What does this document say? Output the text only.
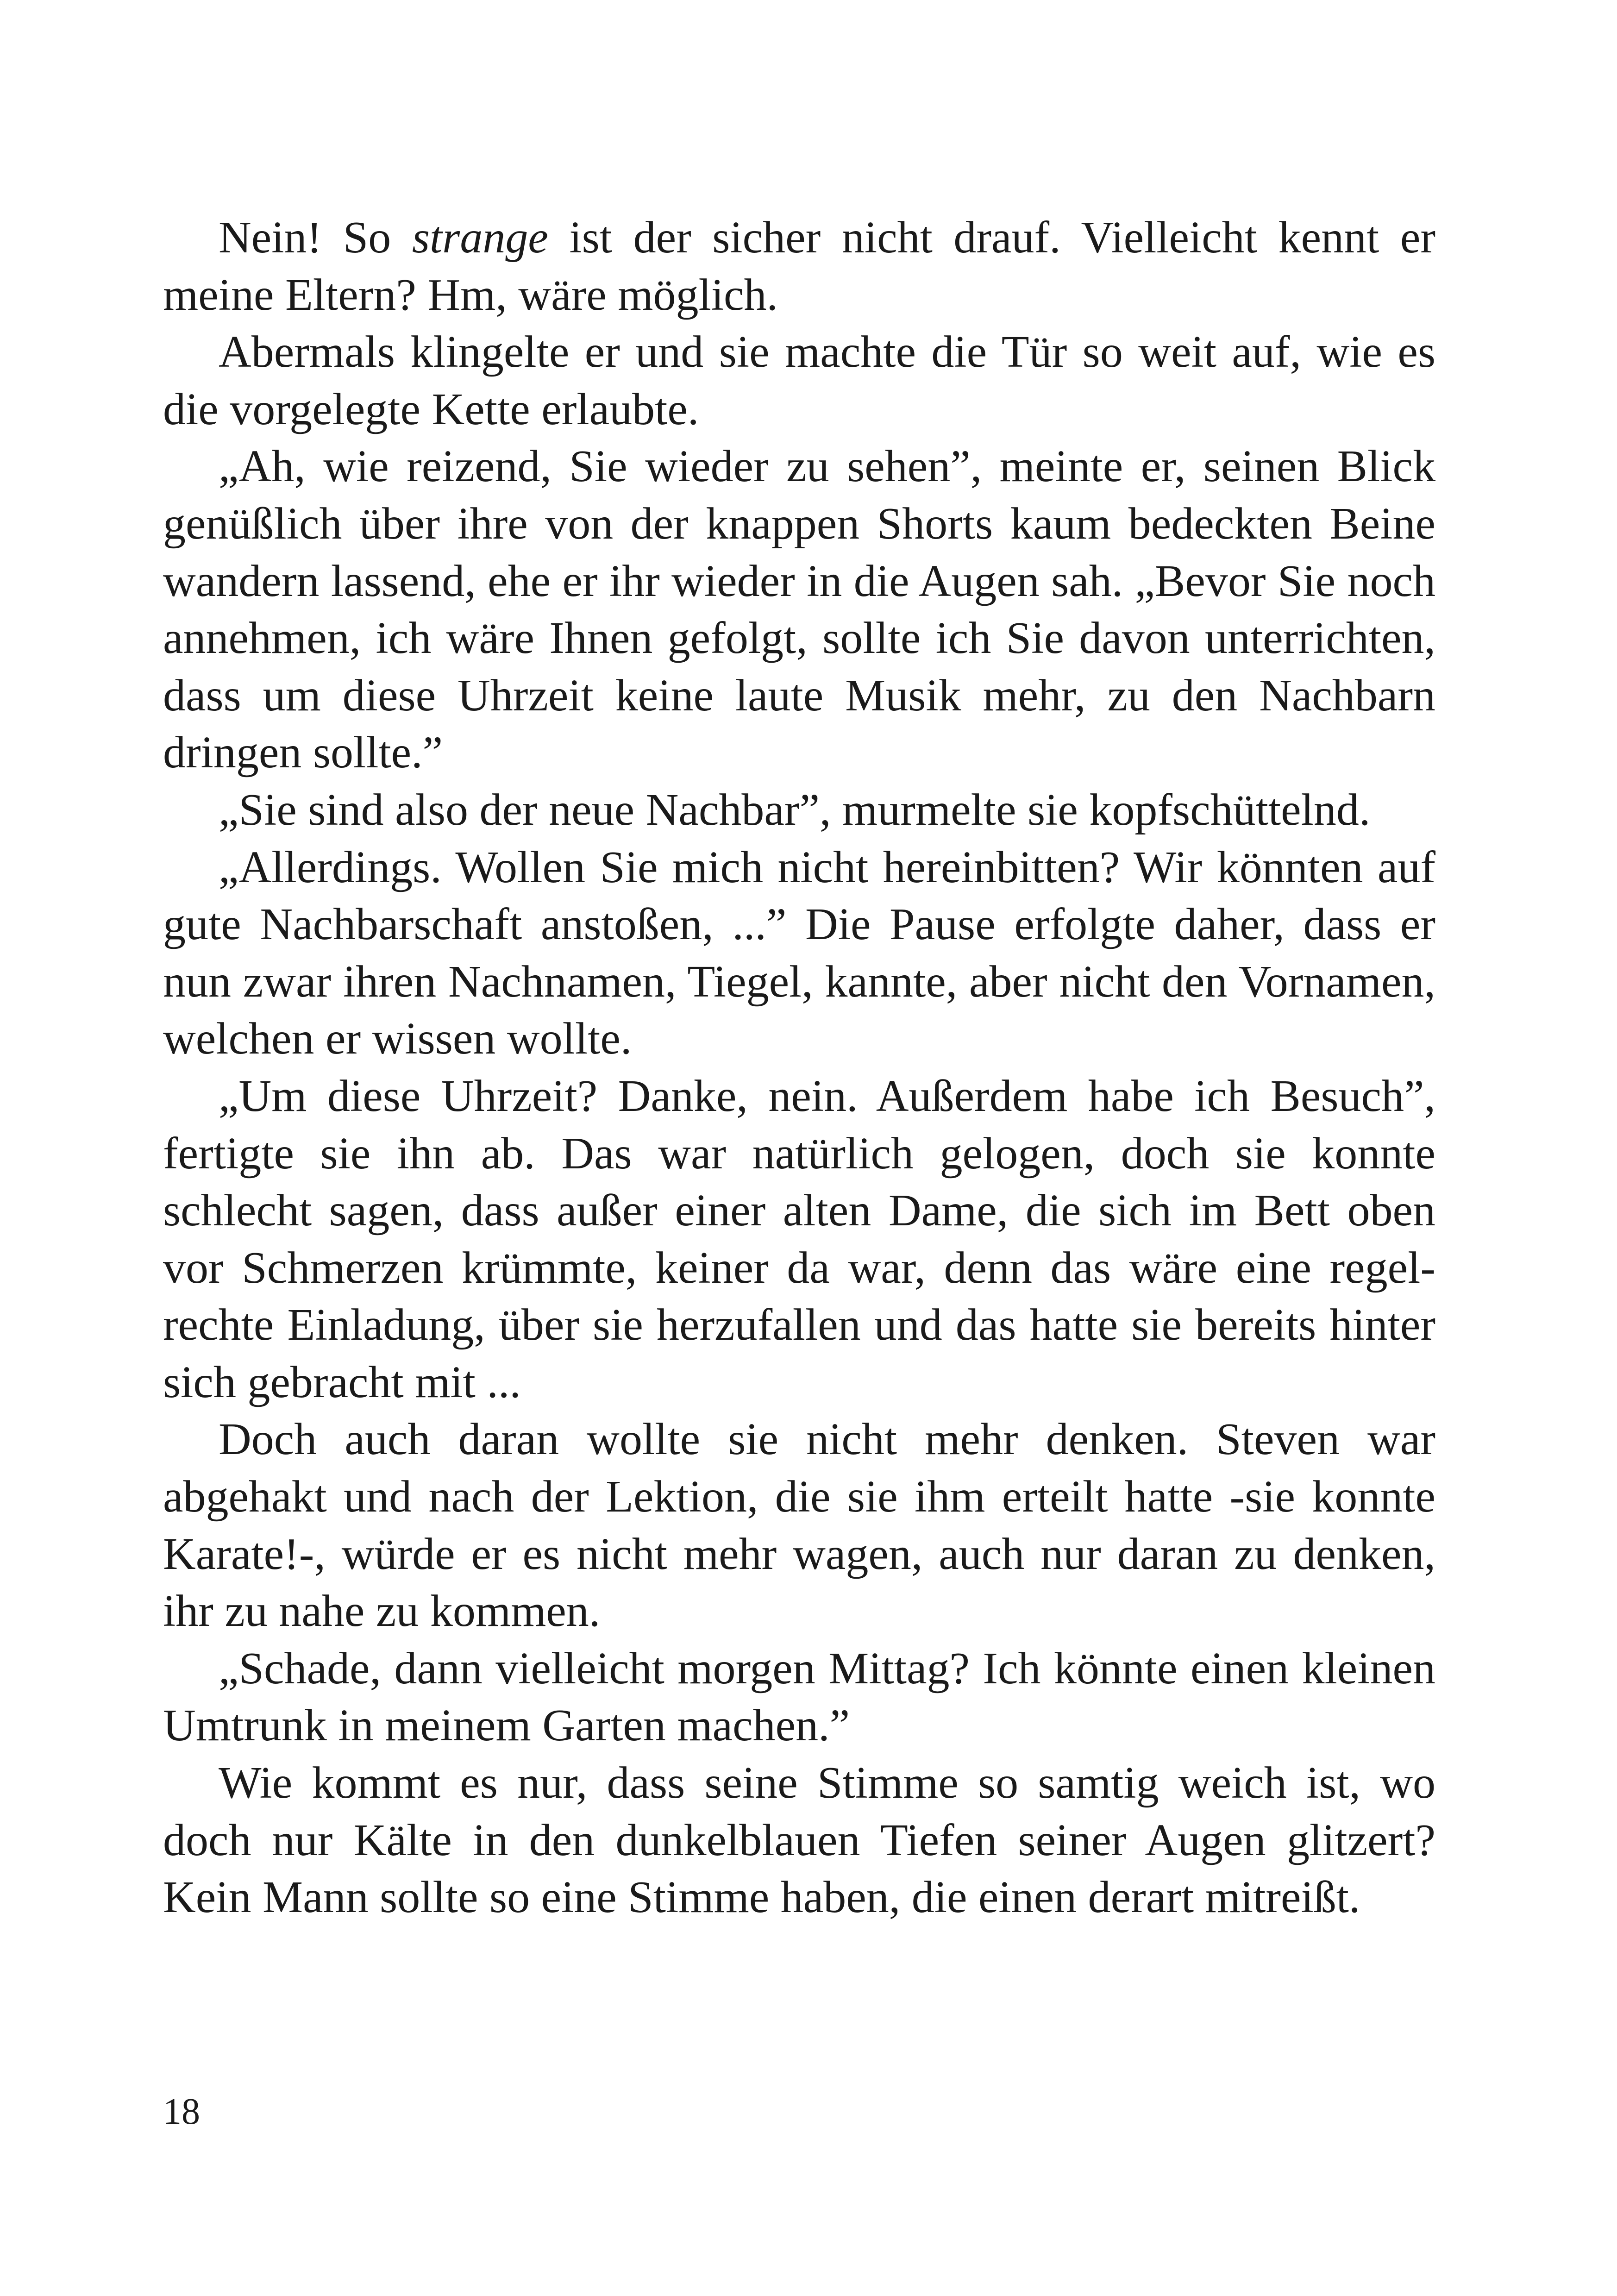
Nein! So strange ist der sicher nicht drauf. Vielleicht kennt er meine Eltern? Hm, wäre möglich.

Abermals klingelte er und sie machte die Tür so weit auf, wie es die vorgelegte Kette erlaubte.

„Ah, wie reizend, Sie wieder zu sehen”, meinte er, seinen Blick genüßlich über ihre von der knappen Shorts kaum bedeckten Beine wandern lassend, ehe er ihr wieder in die Augen sah. „Bevor Sie noch annehmen, ich wäre Ihnen gefolgt, sollte ich Sie davon unterrichten, dass um diese Uhrzeit keine laute Musik mehr, zu den Nachbarn dringen sollte.”

„Sie sind also der neue Nachbar”, murmelte sie kopfschüttelnd.

„Allerdings. Wollen Sie mich nicht hereinbitten? Wir könnten auf gute Nachbarschaft anstoßen, ...” Die Pause erfolgte daher, dass er nun zwar ihren Nachnamen, Tiegel, kannte, aber nicht den Vornamen, welchen er wissen wollte.

„Um diese Uhrzeit? Danke, nein. Außerdem habe ich Besuch”, fertigte sie ihn ab. Das war natürlich gelogen, doch sie konnte schlecht sagen, dass außer einer alten Dame, die sich im Bett oben vor Schmerzen krümmte, keiner da war, denn das wäre eine regelrechte Einladung, über sie herzufallen und das hatte sie bereits hinter sich gebracht mit ...

Doch auch daran wollte sie nicht mehr denken. Steven war abgehakt und nach der Lektion, die sie ihm erteilt hatte -sie konnte Karate!-, würde er es nicht mehr wagen, auch nur daran zu denken, ihr zu nahe zu kommen.

„Schade, dann vielleicht morgen Mittag? Ich könnte einen kleinen Umtrunk in meinem Garten machen.”

Wie kommt es nur, dass seine Stimme so samtig weich ist, wo doch nur Kälte in den dunkelblauen Tiefen seiner Augen glitzert? Kein Mann sollte so eine Stimme haben, die einen derart mitreißt.

18
